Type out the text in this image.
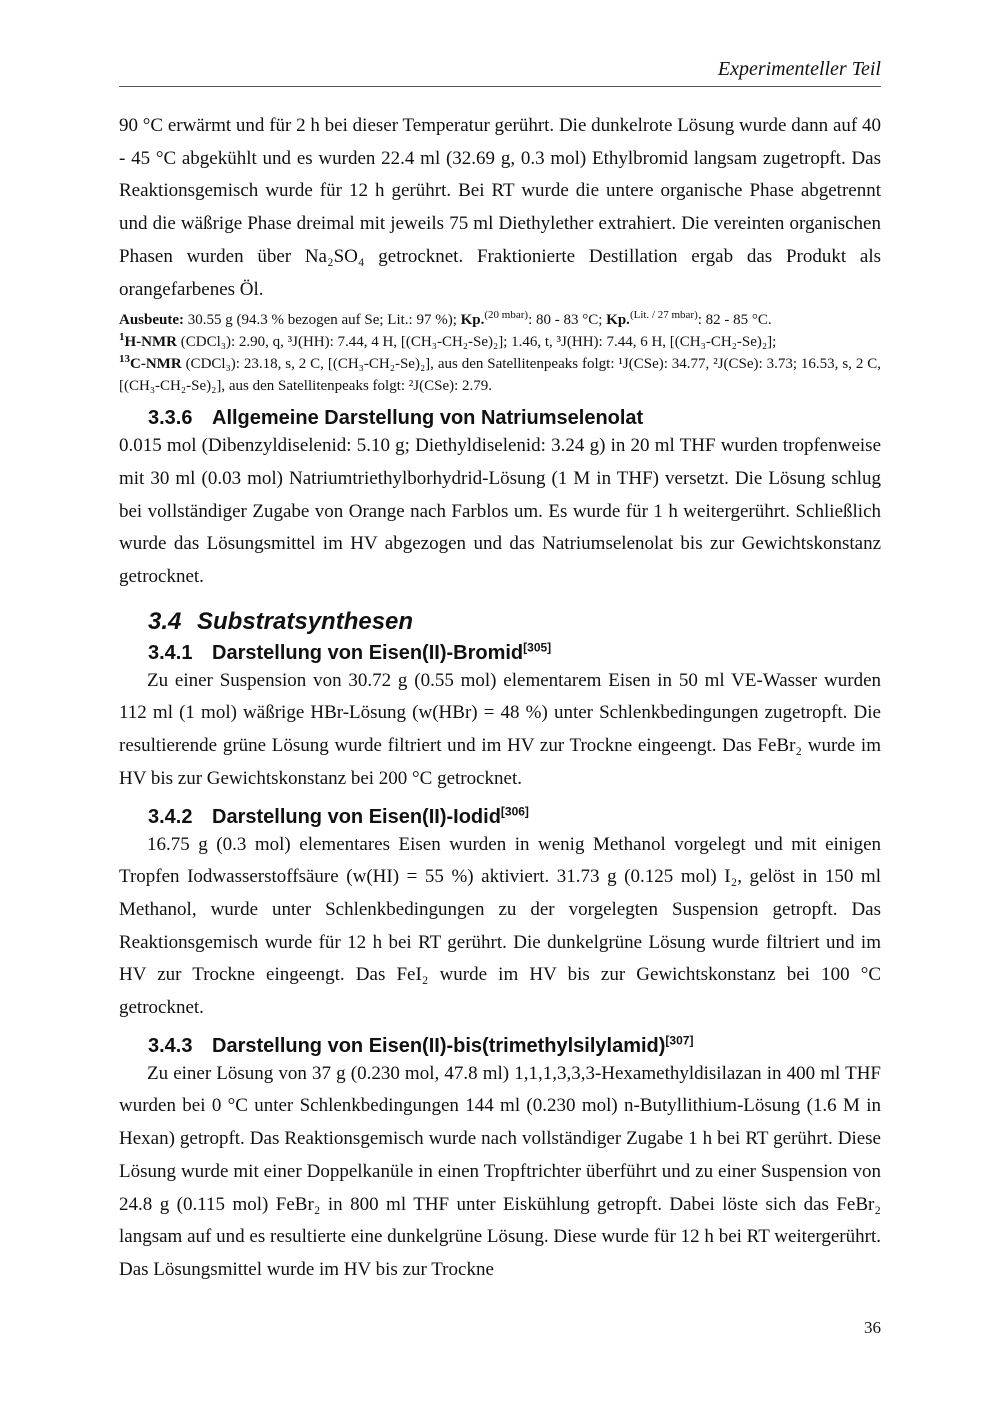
Experimenteller Teil

90 °C erwärmt und für 2 h bei dieser Temperatur gerührt. Die dunkelrote Lösung wurde dann auf 40 - 45 °C abgekühlt und es wurden 22.4 ml (32.69 g, 0.3 mol) Ethylbromid langsam zugetropft. Das Reaktionsgemisch wurde für 12 h gerührt. Bei RT wurde die untere organische Phase abgetrennt und die wäßrige Phase dreimal mit jeweils 75 ml Diethylether extrahiert. Die vereinten organischen Phasen wurden über Na₂SO₄ getrocknet. Fraktionierte Destillation ergab das Produkt als orangefarbenes Öl.

Ausbeute: 30.55 g (94.3 % bezogen auf Se; Lit.: 97 %); Kp.$^{(20 mbar)}$: 80 - 83 °C; Kp.$^{(Lit. / 27 mbar)}$: 82 - 85 °C.

$^1$H-NMR (CDCl₃): 2.90, q, ³J(HH): 7.44, 4 H, [(CH₃-CH₂-Se)₂]; 1.46, t, ³J(HH): 7.44, 6 H, [(CH₃-CH₂-Se)₂];

$^{13}$C-NMR (CDCl₃): 23.18, s, 2 C, [(CH₃-CH₂-Se)₂], aus den Satellitenpeaks folgt: ¹J(CSe): 34.77, ²J(CSe): 3.73; 16.53, s, 2 C, [(CH₃-CH₂-Se)₂], aus den Satellitenpeaks folgt: ²J(CSe): 2.79.

3.3.6 Allgemeine Darstellung von Natriumselenolat

0.015 mol (Dibenzyldiselenid: 5.10 g; Diethyldiselenid: 3.24 g) in 20 ml THF wurden tropfenweise mit 30 ml (0.03 mol) Natriumtriethylborhydrid-Lösung (1 M in THF) versetzt. Die Lösung schlug bei vollständiger Zugabe von Orange nach Farblos um. Es wurde für 1 h weitergerührt. Schließlich wurde das Lösungsmittel im HV abgezogen und das Natriumselenolat bis zur Gewichtskonstanz getrocknet.

3.4 Substratsynthesen
3.4.1 Darstellung von Eisen(II)-Bromid[305]

Zu einer Suspension von 30.72 g (0.55 mol) elementarem Eisen in 50 ml VE-Wasser wurden 112 ml (1 mol) wäßrige HBr-Lösung (w(HBr) = 48 %) unter Schlenkbedingungen zugetropft. Die resultierende grüne Lösung wurde filtriert und im HV zur Trockne eingeengt. Das FeBr₂ wurde im HV bis zur Gewichtskonstanz bei 200 °C getrocknet.

3.4.2 Darstellung von Eisen(II)-Iodid[306]

16.75 g (0.3 mol) elementares Eisen wurden in wenig Methanol vorgelegt und mit einigen Tropfen Iodwasserstoffsäure (w(HI) = 55 %) aktiviert. 31.73 g (0.125 mol) I₂, gelöst in 150 ml Methanol, wurde unter Schlenkbedingungen zu der vorgelegten Suspension getropft. Das Reaktionsgemisch wurde für 12 h bei RT gerührt. Die dunkelgrüne Lösung wurde filtriert und im HV zur Trockne eingeengt. Das FeI₂ wurde im HV bis zur Gewichtskonstanz bei 100 °C getrocknet.

3.4.3 Darstellung von Eisen(II)-bis(trimethylsilylamid)[307]

Zu einer Lösung von 37 g (0.230 mol, 47.8 ml) 1,1,1,3,3,3-Hexamethyldisilazan in 400 ml THF wurden bei 0 °C unter Schlenkbedingungen 144 ml (0.230 mol) n-Butyllithium-Lösung (1.6 M in Hexan) getropft. Das Reaktionsgemisch wurde nach vollständiger Zugabe 1 h bei RT gerührt. Diese Lösung wurde mit einer Doppelkanüle in einen Tropftrichter überführt und zu einer Suspension von 24.8 g (0.115 mol) FeBr₂ in 800 ml THF unter Eiskühlung getropft. Dabei löste sich das FeBr₂ langsam auf und es resultierte eine dunkelgrüne Lösung. Diese wurde für 12 h bei RT weitergerührt. Das Lösungsmittel wurde im HV bis zur Trockne

36
